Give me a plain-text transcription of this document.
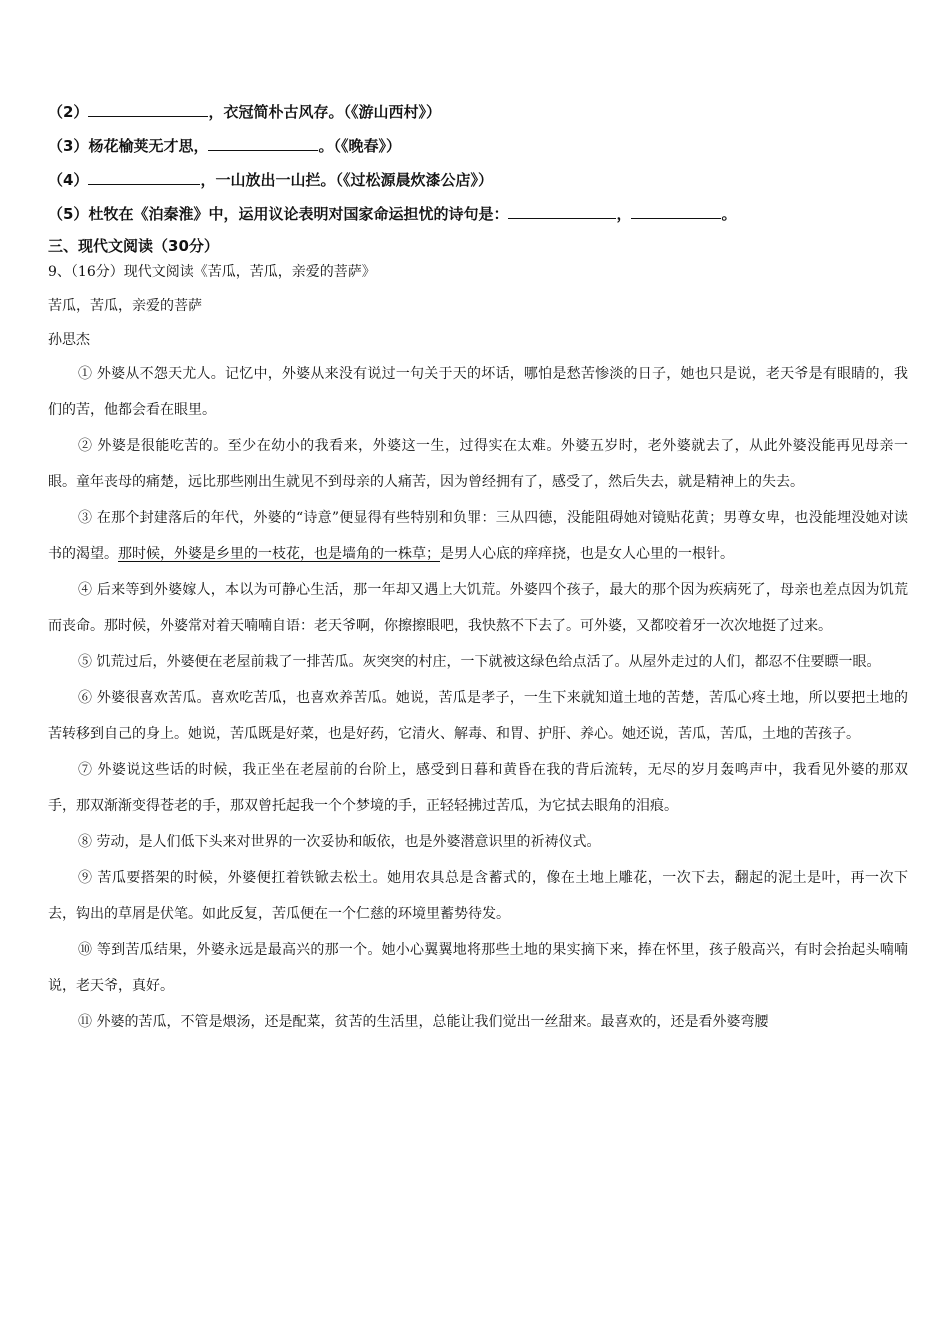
（2）	，衣冠简朴古风存。（《游山西村》）
（3）杨花榆荚无才思，	。（《晚春》）
（4）	，一山放出一山拦。（《过松源晨炊漆公店》）
（5）杜牧在《泊秦淮》中，运用议论表明对国家命运担忧的诗句是：	，	。
三、现代文阅读（30分）
9、（16分）现代文阅读《苦瓜，苦瓜，亲爱的菩萨》
苦瓜，苦瓜，亲爱的菩萨
孙思杰

① 外婆从不怨天尤人。记忆中，外婆从来没有说过一句关于天的坏话，哪怕是愁苦惨淡的日子，她也只是说，老天爷是有眼睛的，我们的苦，他都会看在眼里。

② 外婆是很能吃苦的。至少在幼小的我看来，外婆这一生，过得实在太难。外婆五岁时，老外婆就去了，从此外婆没能再见母亲一眼。童年丧母的痛楚，远比那些刚出生就见不到母亲的人痛苦，因为曾经拥有了，感受了，然后失去，就是精神上的失去。

③ 在那个封建落后的年代，外婆的“诗意”便显得有些特别和负罪：三从四德，没能阻碍她对镜贴花黄；男尊女卑，也没能埋没她对读书的渴望。那时候，外婆是乡里的一枝花，也是墙角的一株草；是男人心底的痒痒挠，也是女人心里的一根针。

④ 后来等到外婆嫁人，本以为可静心生活，那一年却又遇上大饥荒。外婆四个孩子，最大的那个因为疾病死了，母亲也差点因为饥荒而丧命。那时候，外婆常对着天喃喃自语：老天爷啊，你擦擦眼吧，我快熬不下去了。可外婆，又都咬着牙一次次地挺了过来。

⑤ 饥荒过后，外婆便在老屋前栽了一排苦瓜。灰突突的村庄，一下就被这绿色给点活了。从屋外走过的人们，都忍不住要瞟一眼。

⑥ 外婆很喜欢苦瓜。喜欢吃苦瓜，也喜欢养苦瓜。她说，苦瓜是孝子，一生下来就知道土地的苦楚，苦瓜心疼土地，所以要把土地的苦转移到自己的身上。她说，苦瓜既是好菜，也是好药，它清火、解毒、和胃、护肝、养心。她还说，苦瓜，苦瓜，土地的苦孩子。

⑦ 外婆说这些话的时候，我正坐在老屋前的台阶上，感受到日暮和黄昏在我的背后流转，无尽的岁月轰鸣声中，我看见外婆的那双手，那双渐渐变得苍老的手，那双曾托起我一个个梦境的手，正轻轻拂过苦瓜，为它拭去眼角的泪痕。

⑧ 劳动，是人们低下头来对世界的一次妥协和皈依，也是外婆潜意识里的祈祷仪式。

⑨ 苦瓜要搭架的时候，外婆便扛着铁锨去松土。她用农具总是含蓄式的，像在土地上雕花，一次下去，翻起的泥土是叶，再一次下去，钩出的草屑是伏笔。如此反复，苦瓜便在一个仁慈的环境里蓄势待发。

⑩ 等到苦瓜结果，外婆永远是最高兴的那一个。她小心翼翼地将那些土地的果实摘下来，捧在怀里，孩子般高兴，有时会抬起头喃喃说，老天爷，真好。

⑪ 外婆的苦瓜，不管是煨汤，还是配菜，贫苦的生活里，总能让我们觉出一丝甜来。最喜欢的，还是看外婆弯腰
